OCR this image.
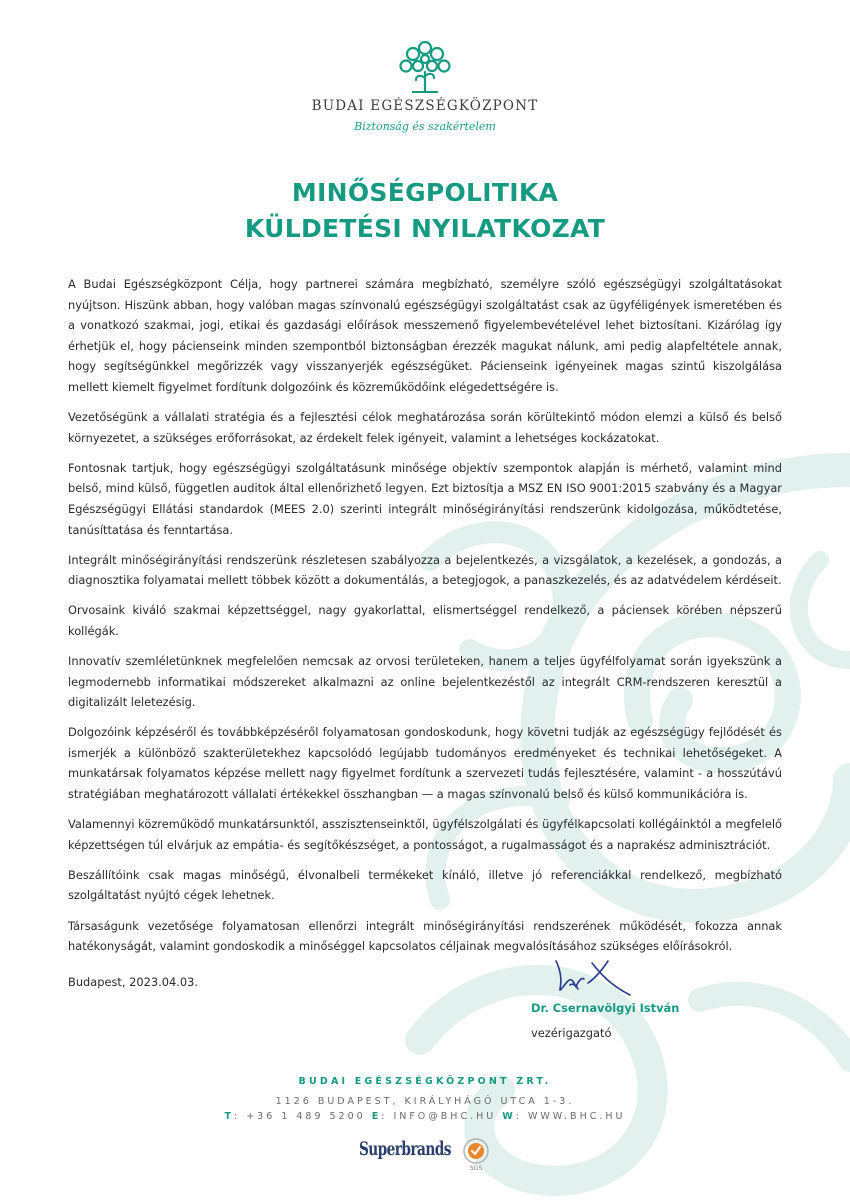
BUDAI EGÉSZSÉGKÖZPONT
Biztonság és szakértelem
MINŐSÉGPOLITIKA
KÜLDETÉSI NYILATKOZAT

A Budai Egészségközpont Célja, hogy partnerei számára megbízható, személyre szóló egészségügyi szolgáltatásokat nyújtson. Hiszünk abban, hogy valóban magas színvonalú egészségügyi szolgáltatást csak az ügyféligények ismeretében és a vonatkozó szakmai, jogi, etikai és gazdasági előírások messzemenő figyelembevételével lehet biztosítani. Kizárólag így érhetjük el, hogy pácienseink minden szempontból biztonságban érezzék magukat nálunk, ami pedig alapfeltétele annak, hogy segítségünkkel megőrizzék vagy visszanyerjék egészségüket. Pácienseink igényeinek magas szintű kiszolgálása mellett kiemelt figyelmet fordítunk dolgozóink és közreműködőink elégedettségére is.

Vezetőségünk a vállalati stratégia és a fejlesztési célok meghatározása során körültekintő módon elemzi a külső és belső környezetet, a szükséges erőforrásokat, az érdekelt felek igényeit, valamint a lehetséges kockázatokat.

Fontosnak tartjuk, hogy egészségügyi szolgáltatásunk minősége objektív szempontok alapján is mérhető, valamint mind belső, mind külső, független auditok által ellenőrizhető legyen. Ezt biztosítja a MSZ EN ISO 9001:2015 szabvány és a Magyar Egészségügyi Ellátási standardok (MEES 2.0) szerinti integrált minőségirányítási rendszerünk kidolgozása, működtetése, tanúsíttatása és fenntartása.

Integrált minőségirányítási rendszerünk részletesen szabályozza a bejelentkezés, a vizsgálatok, a kezelések, a gondozás, a diagnosztika folyamatai mellett többek között a dokumentálás, a betegjogok, a panaszkezelés, és az adatvédelem kérdéseit.

Orvosaink kiváló szakmai képzettséggel, nagy gyakorlattal, elismertséggel rendelkező, a páciensek körében népszerű kollégák.

Innovatív szemléletünknek megfelelően nemcsak az orvosi területeken, hanem a teljes ügyfélfolyamat során igyekszünk a legmodernebb informatikai módszereket alkalmazni az online bejelentkezéstől az integrált CRM-rendszeren keresztül a digitalizált leletezésig.

Dolgozóink képzéséről és továbbképzéséről folyamatosan gondoskodunk, hogy követni tudják az egészségügy fejlődését és ismerjék a különböző szakterületekhez kapcsolódó legújabb tudományos eredményeket és technikai lehetőségeket. A munkatársak folyamatos képzése mellett nagy figyelmet fordítunk a szervezeti tudás fejlesztésére, valamint - a hosszútávú stratégiában meghatározott vállalati értékekkel összhangban — a magas színvonalú belső és külső kommunikációra is.

Valamennyi közreműködő munkatársunktól, asszisztenseinktől, ügyfélszolgálati és ügyfélkapcsolati kollégáinktól a megfelelő képzettségen túl elvárjuk az empátia- és segítőkészséget, a pontosságot, a rugalmasságot és a naprakész adminisztrációt.

Beszállítóink csak magas minőségű, élvonalbeli termékeket kínáló, illetve jó referenciákkal rendelkező, megbízható szolgáltatást nyújtó cégek lehetnek.

Társaságunk vezetősége folyamatosan ellenőrzi integrált minőségirányítási rendszerének működését, fokozza annak hatékonyságát, valamint gondoskodik a minőséggel kapcsolatos céljainak megvalósításához szükséges előírásokról.

Budapest, 2023.04.03.
Dr. Csernavölgyi István
vezérigazgató
BUDAI EGÉSZSÉGKÖZPONT ZRT.
1126 BUDAPEST, KIRÁLYHÁGÓ UTCA 1-3.
T: +36 1 489 5200 E: INFO@BHC.HU W: WWW.BHC.HU
Superbrands
SGS
